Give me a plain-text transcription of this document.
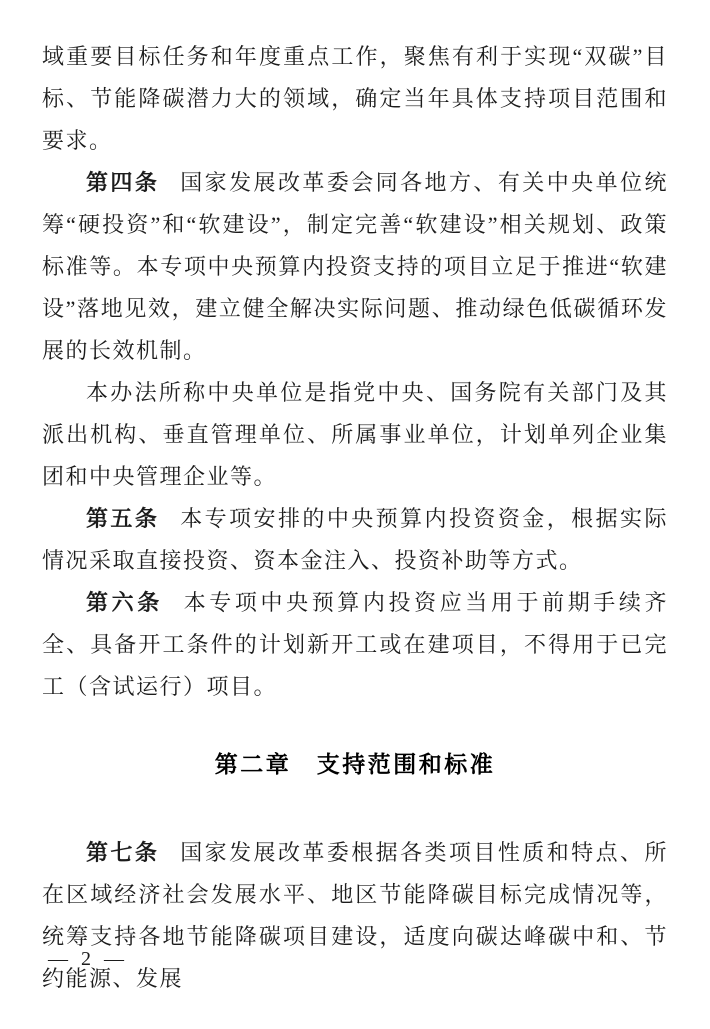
域重要目标任务和年度重点工作，聚焦有利于实现“双碳”目标、节能降碳潜力大的领域，确定当年具体支持项目范围和要求。

第四条 国家发展改革委会同各地方、有关中央单位统筹“硬投资”和“软建设”，制定完善“软建设”相关规划、政策标准等。本专项中央预算内投资支持的项目立足于推进“软建设”落地见效，建立健全解决实际问题、推动绿色低碳循环发展的长效机制。

本办法所称中央单位是指党中央、国务院有关部门及其派出机构、垂直管理单位、所属事业单位，计划单列企业集团和中央管理企业等。

第五条 本专项安排的中央预算内投资资金，根据实际情况采取直接投资、资本金注入、投资补助等方式。

第六条 本专项中央预算内投资应当用于前期手续齐全、具备开工条件的计划新开工或在建项目，不得用于已完工（含试运行）项目。

第二章　支持范围和标准

第七条 国家发展改革委根据各类项目性质和特点、所在区域经济社会发展水平、地区节能降碳目标完成情况等，统筹支持各地节能降碳项目建设，适度向碳达峰碳中和、节约能源、发展

— 2 —
